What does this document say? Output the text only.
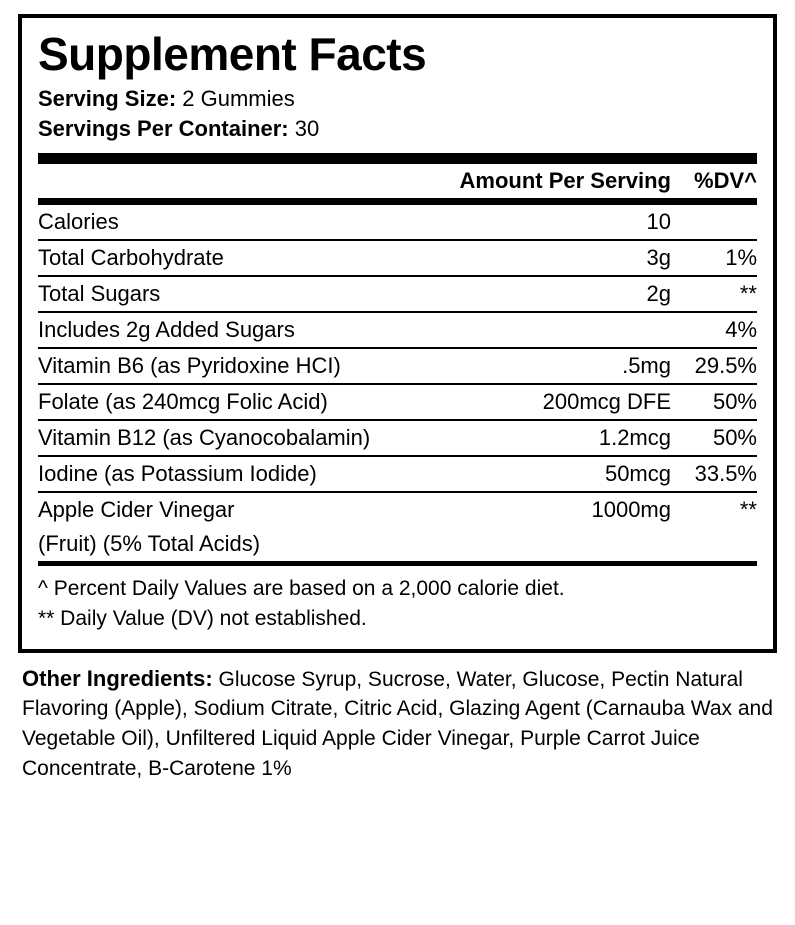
Supplement Facts
Serving Size: 2 Gummies
Servings Per Container: 30
	Amount Per Serving	%DV^
Calories	10	
Total Carbohydrate	3g	1%
Total Sugars	2g	**
Includes 2g Added Sugars		4%
Vitamin B6 (as Pyridoxine HCI)	.5mg	29.5%
Folate (as 240mcg Folic Acid)	200mcg DFE	50%
Vitamin B12 (as Cyanocobalamin)	1.2mcg	50%
Iodine (as Potassium Iodide)	50mcg	33.5%
Apple Cider Vinegar	1000mg	**
(Fruit) (5% Total Acids)		
^ Percent Daily Values are based on a 2,000 calorie diet.
** Daily Value (DV) not established.
Other Ingredients: Glucose Syrup, Sucrose, Water, Glucose, Pectin Natural Flavoring (Apple), Sodium Citrate, Citric Acid, Glazing Agent (Carnauba Wax and Vegetable Oil), Unfiltered Liquid Apple Cider Vinegar, Purple Carrot Juice Concentrate, B-Carotene 1%
